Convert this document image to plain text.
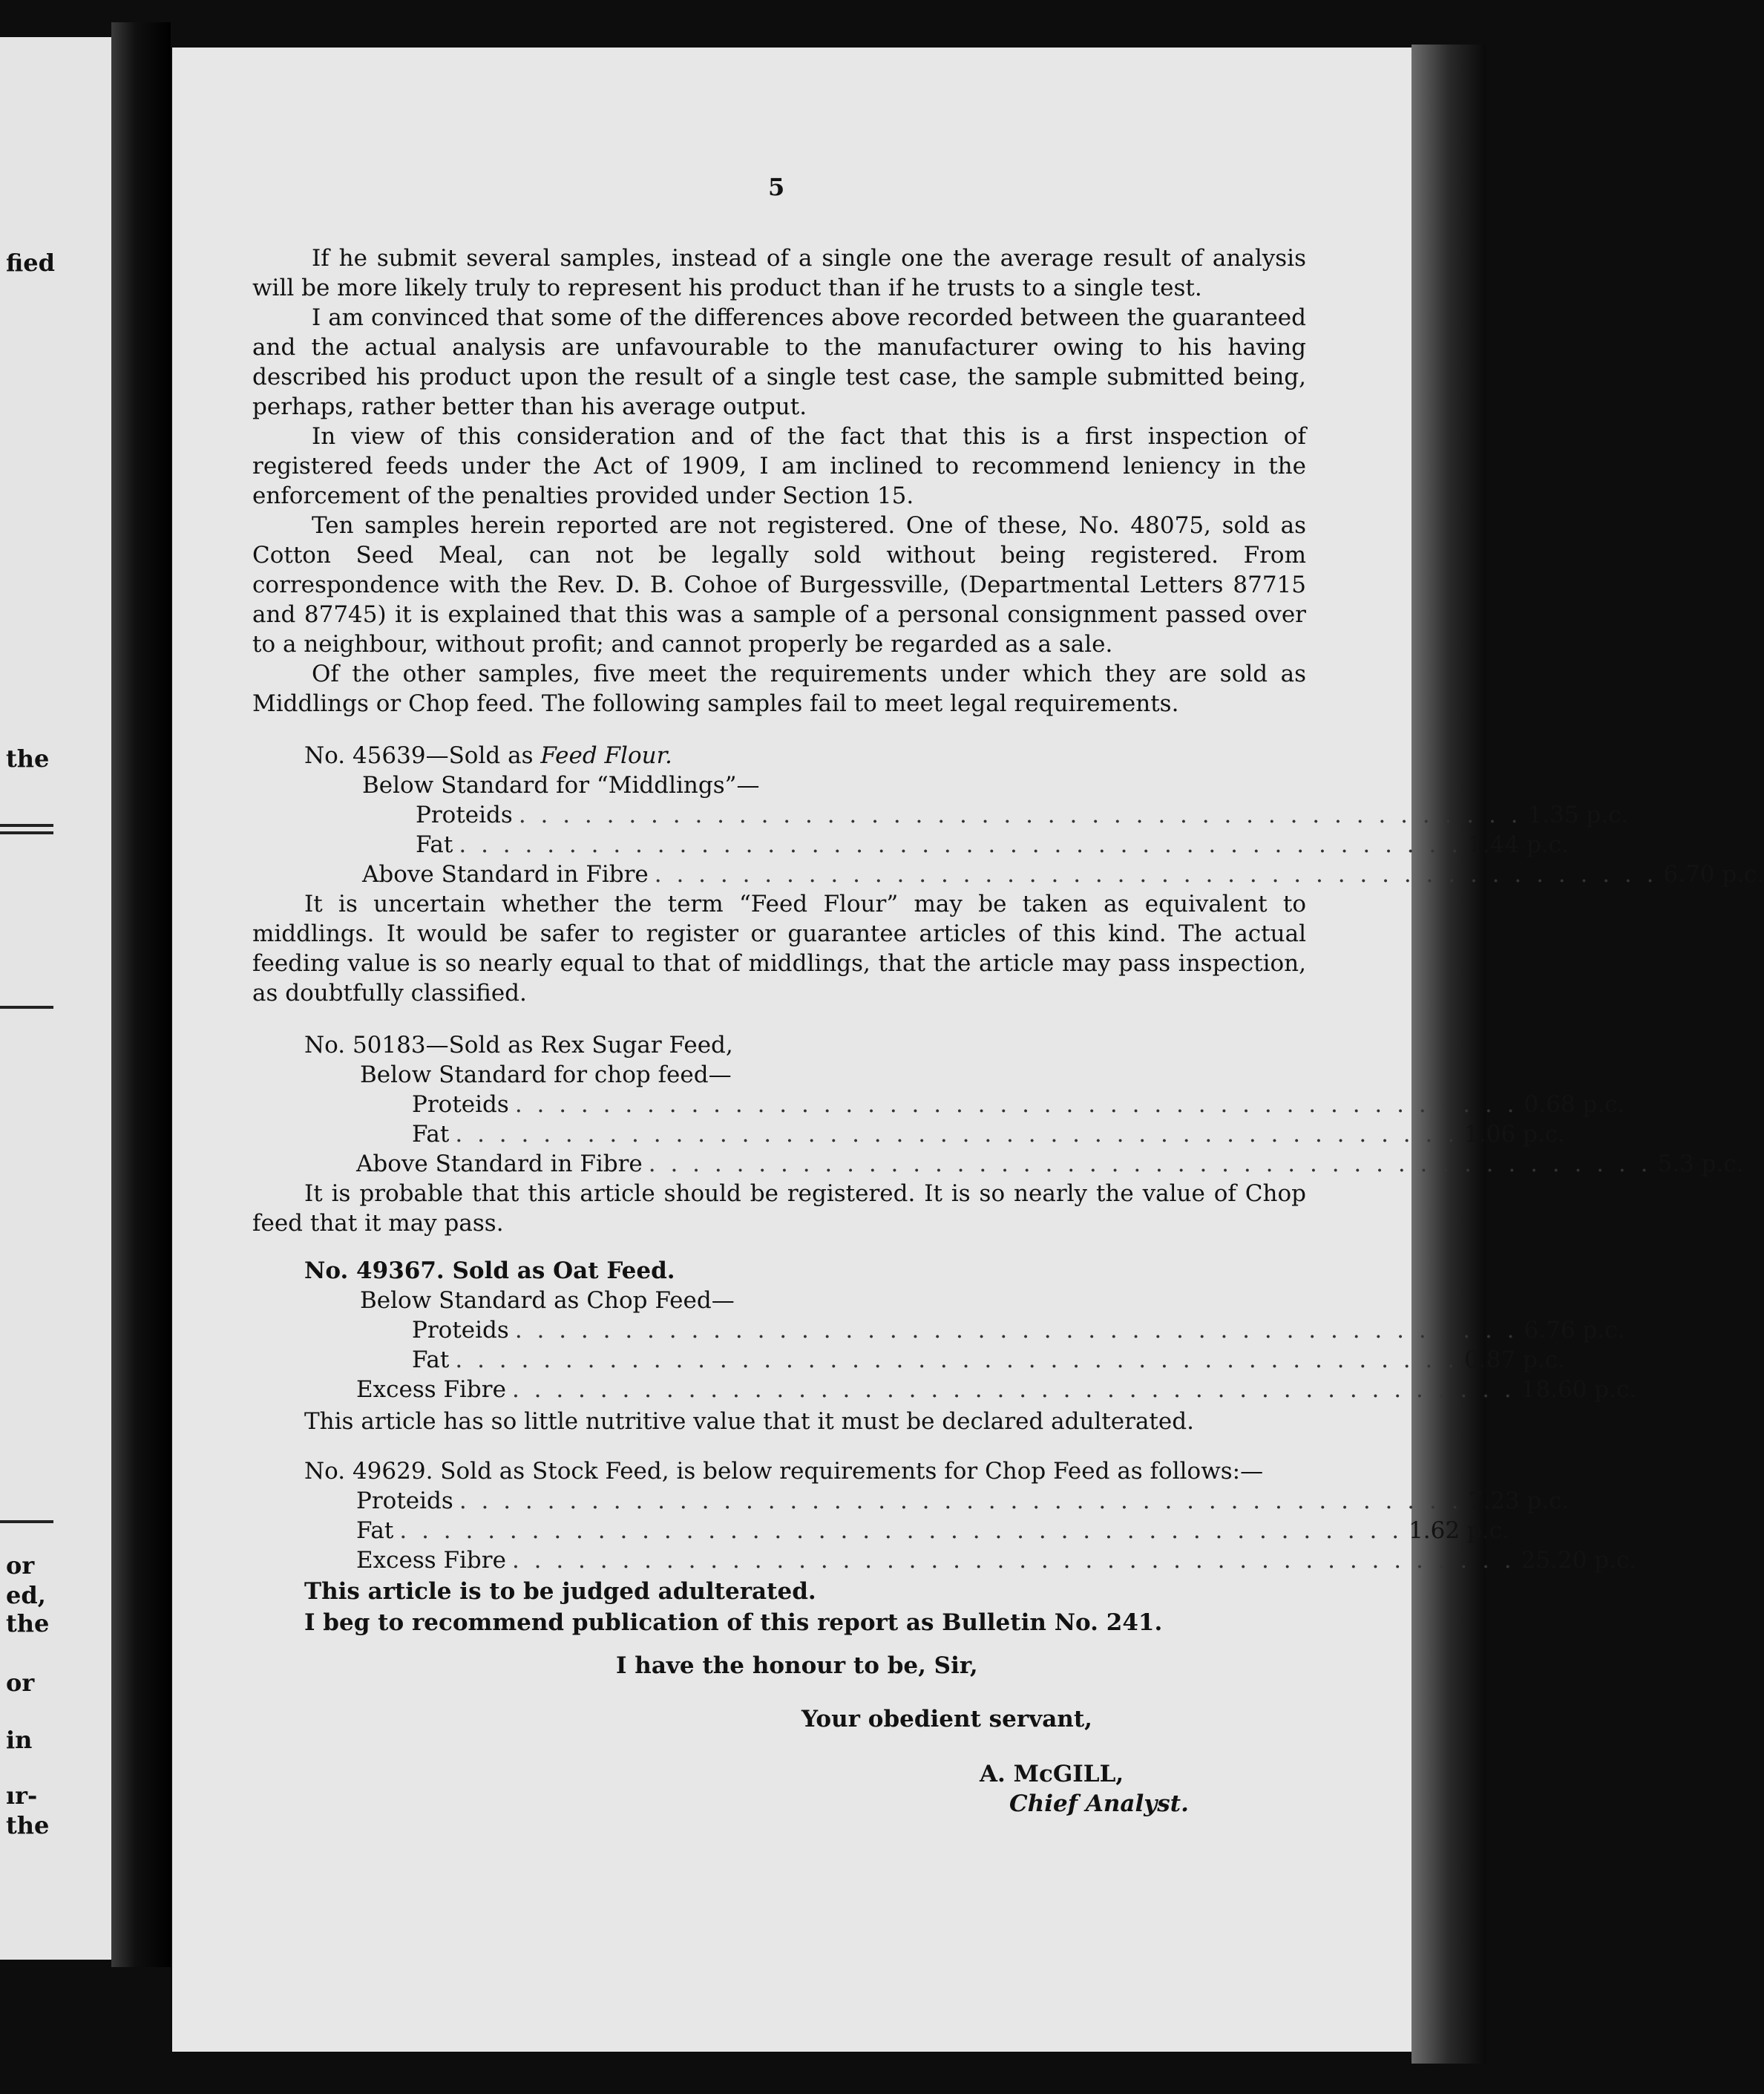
fied
the
or
ed,
the
or
in
ır-
the
5

If he submit several samples, instead of a single one the average result of analysis will be more likely truly to represent his product than if he trusts to a single test.

I am convinced that some of the differences above recorded between the guaranteed and the actual analysis are unfavourable to the manufacturer owing to his having described his product upon the result of a single test case, the sample submitted being, perhaps, rather better than his average output.

In view of this consideration and of the fact that this is a first inspection of registered feeds under the Act of 1909, I am inclined to recommend leniency in the enforcement of the penalties provided under Section 15.

Ten samples herein reported are not registered. One of these, No. 48075, sold as Cotton Seed Meal, can not be legally sold without being registered. From correspondence with the Rev. D. B. Cohoe of Burgessville, (Departmental Letters 87715 and 87745) it is explained that this was a sample of a personal consignment passed over to a neighbour, without profit; and cannot properly be regarded as a sale.

Of the other samples, five meet the requirements under which they are sold as Middlings or Chop feed. The following samples fail to meet legal requirements.

No. 45639—Sold as Feed Flour.
Below Standard for “Middlings”—
Proteids . . . . . . . . . . . . . . . . . . . . . . . . . . . . . . . . . . . . . . . . . . . . . . 1.35 p.c.
Fat . . . . . . . . . . . . . . . . . . . . . . . . . . . . . . . . . . . . . . . . . . . . . . 1.44 p.c.
Above Standard in Fibre . . . . . . . . . . . . . . . . . . . . . . . . . . . . . . . . . . . . . . . . . . . . . . 6.70 p.c.
It is uncertain whether the term “Feed Flour” may be taken as equivalent to middlings. It would be safer to register or guarantee articles of this kind. The actual feeding value is so nearly equal to that of middlings, that the article may pass inspection, as doubtfully classified.
No. 50183—Sold as Rex Sugar Feed,
Below Standard for chop feed—
Proteids . . . . . . . . . . . . . . . . . . . . . . . . . . . . . . . . . . . . . . . . . . . . . . 0.68 p.c.
Fat . . . . . . . . . . . . . . . . . . . . . . . . . . . . . . . . . . . . . . . . . . . . . . 1.06 p.c.
Above Standard in Fibre . . . . . . . . . . . . . . . . . . . . . . . . . . . . . . . . . . . . . . . . . . . . . . 5.3 p.c.
It is probable that this article should be registered. It is so nearly the value of Chop feed that it may pass.
No. 49367. Sold as Oat Feed.
Below Standard as Chop Feed—
Proteids . . . . . . . . . . . . . . . . . . . . . . . . . . . . . . . . . . . . . . . . . . . . . . 6.76 p.c.
Fat . . . . . . . . . . . . . . . . . . . . . . . . . . . . . . . . . . . . . . . . . . . . . . 0.87 p.c.
Excess Fibre . . . . . . . . . . . . . . . . . . . . . . . . . . . . . . . . . . . . . . . . . . . . . . 18.60 p.c.
This article has so little nutritive value that it must be declared adulterated.
No. 49629. Sold as Stock Feed, is below requirements for Chop Feed as follows:—
Proteids . . . . . . . . . . . . . . . . . . . . . . . . . . . . . . . . . . . . . . . . . . . . . . 7.23 p.c.
Fat . . . . . . . . . . . . . . . . . . . . . . . . . . . . . . . . . . . . . . . . . . . . . . 1.62 p.c.
Excess Fibre . . . . . . . . . . . . . . . . . . . . . . . . . . . . . . . . . . . . . . . . . . . . . . 25.20 p.c.
This article is to be judged adulterated.
I beg to recommend publication of this report as Bulletin No. 241.
I have the honour to be, Sir,
Your obedient servant,
A. McGILL,
Chief Analyst.
